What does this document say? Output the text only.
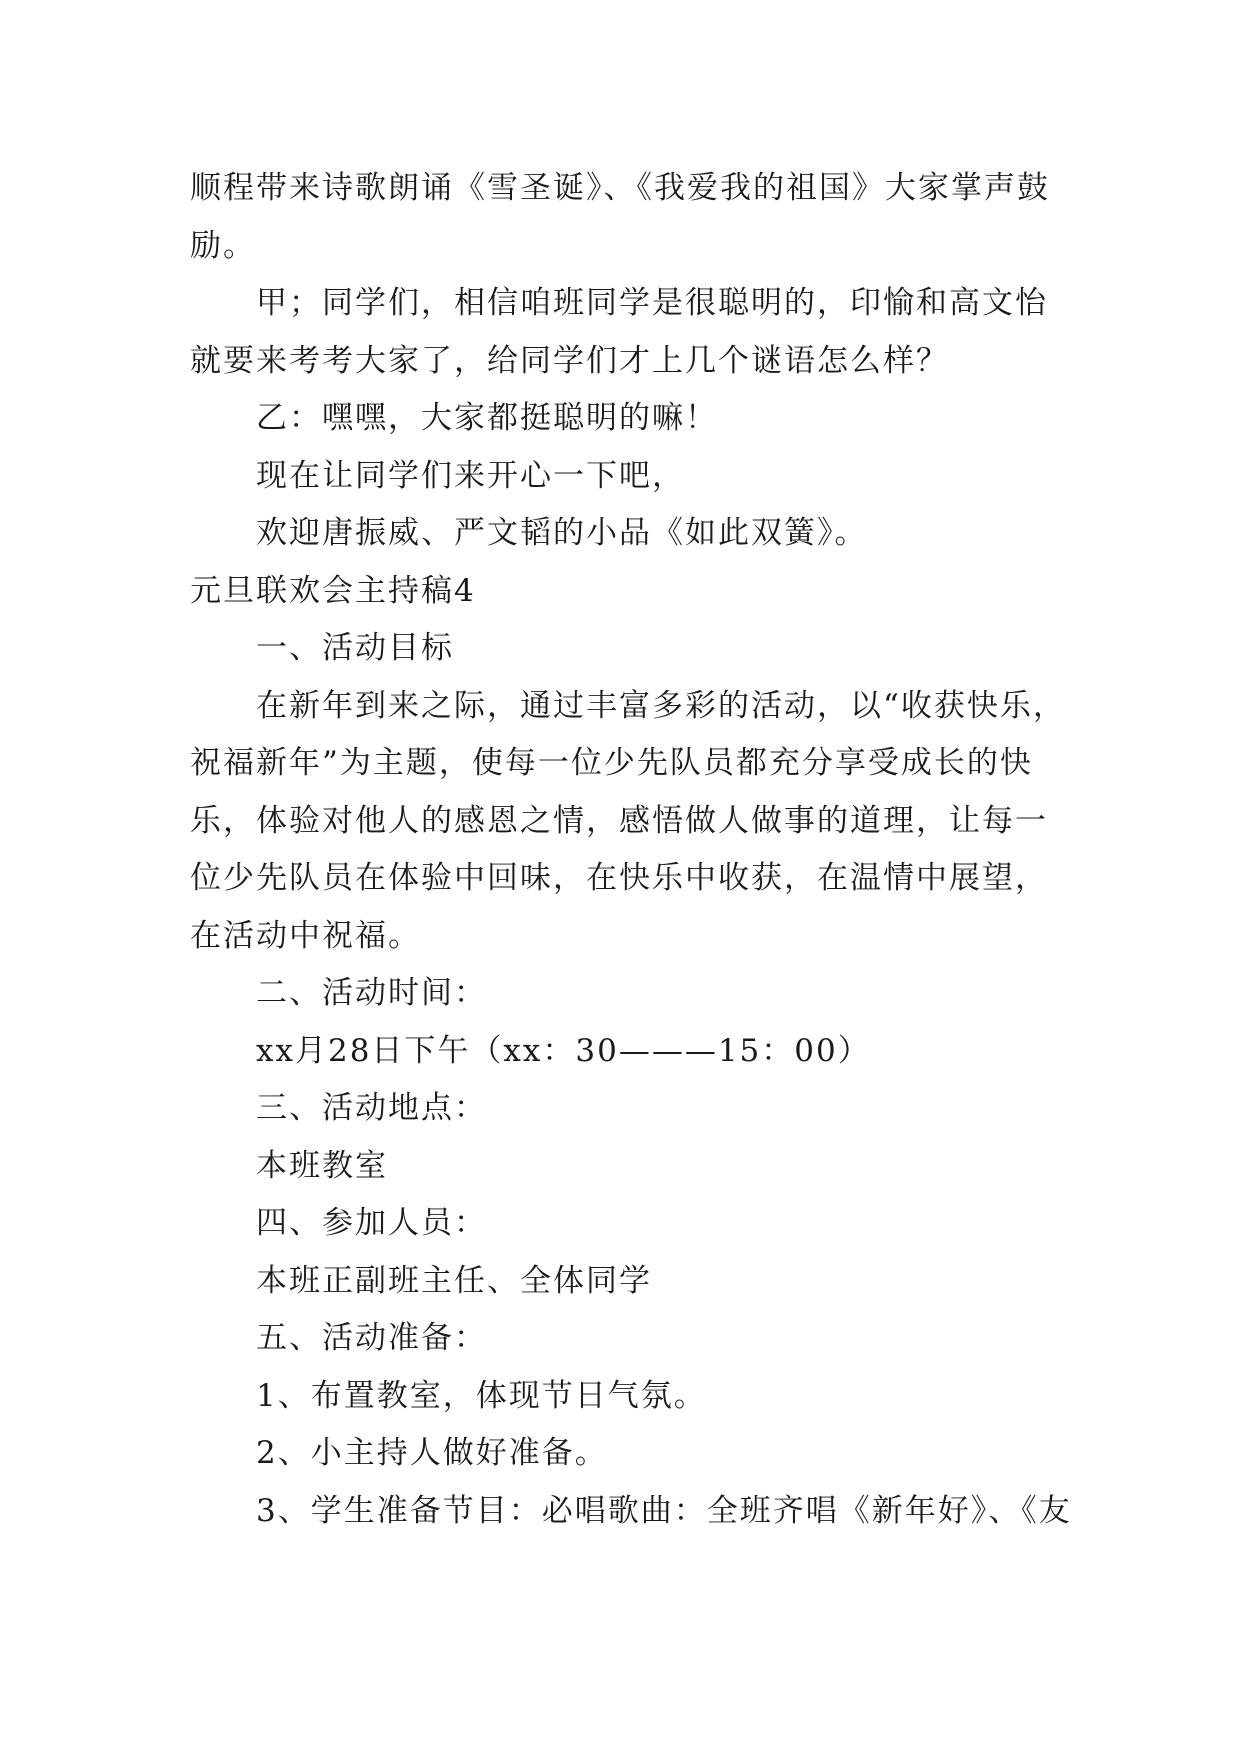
顺程带来诗歌朗诵《雪圣诞》、《我爱我的祖国》大家掌声鼓
励。
甲；同学们，相信咱班同学是很聪明的，印愉和高文怡
就要来考考大家了，给同学们才上几个谜语怎么样？
乙：嘿嘿，大家都挺聪明的嘛！
现在让同学们来开心一下吧，
欢迎唐振威、严文韬的小品《如此双簧》。
元旦联欢会主持稿4
一、活动目标
在新年到来之际，通过丰富多彩的活动，以“收获快乐，
祝福新年”为主题，使每一位少先队员都充分享受成长的快
乐，体验对他人的感恩之情，感悟做人做事的道理，让每一
位少先队员在体验中回味，在快乐中收获，在温情中展望，
在活动中祝福。
二、活动时间：
xx月28日下午（xx：30———15：00）
三、活动地点：
本班教室
四、参加人员：
本班正副班主任、全体同学
五、活动准备：
1、布置教室，体现节日气氛。
2、小主持人做好准备。
3、学生准备节目：必唱歌曲：全班齐唱《新年好》、《友
